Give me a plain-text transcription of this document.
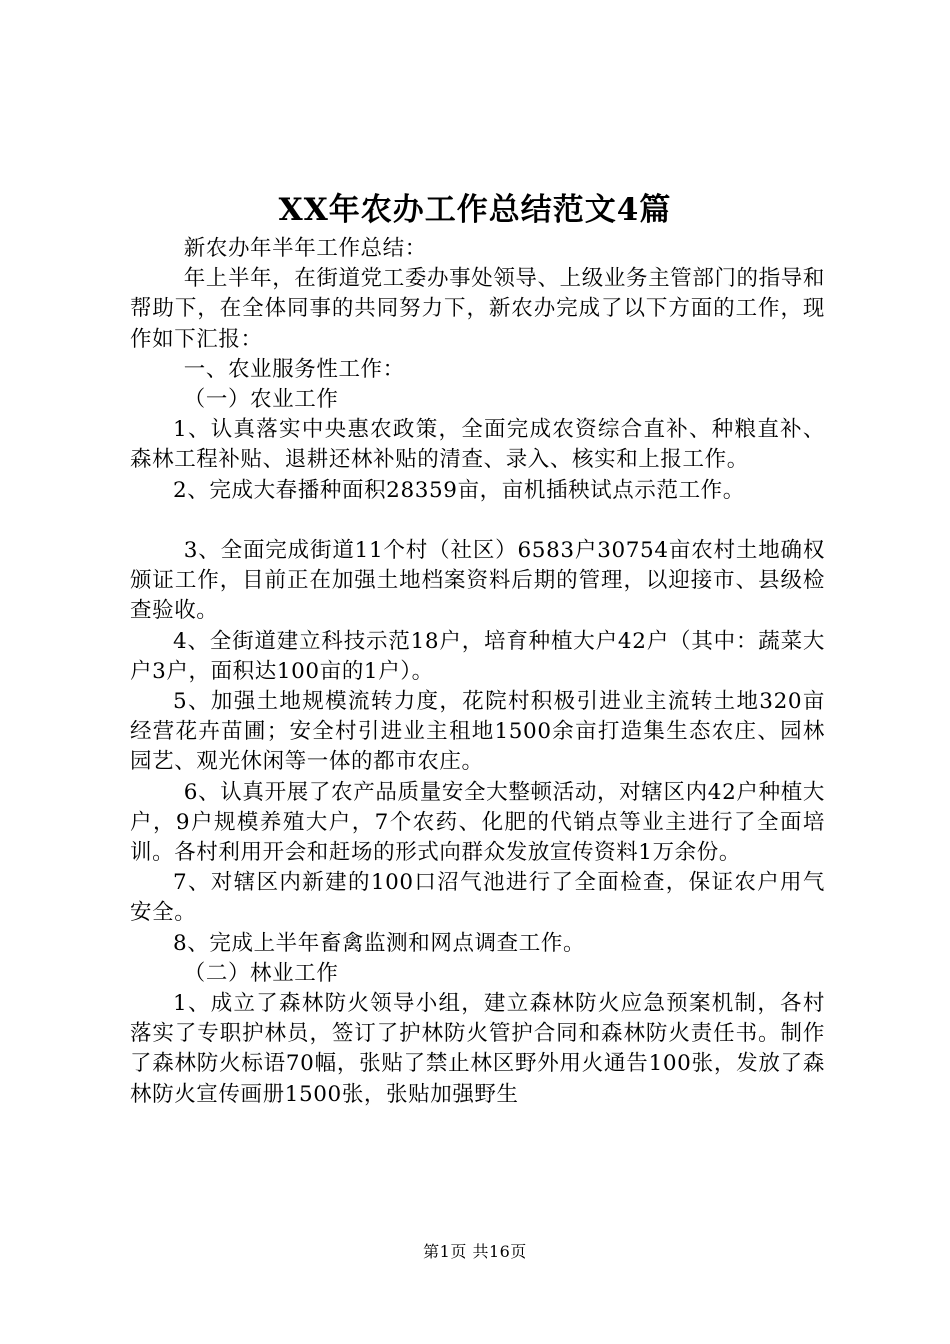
XX年农办工作总结范文4篇

新农办年半年工作总结：

年上半年，在街道党工委办事处领导、上级业务主管部门的指导和帮助下，在全体同事的共同努力下，新农办完成了以下方面的工作，现作如下汇报：

一、农业服务性工作：

（一）农业工作

1、认真落实中央惠农政策，全面完成农资综合直补、种粮直补、森林工程补贴、退耕还林补贴的清查、录入、核实和上报工作。

2、完成大春播种面积28359亩，亩机插秧试点示范工作。

3、全面完成街道11个村（社区）6583户30754亩农村土地确权颁证工作，目前正在加强土地档案资料后期的管理，以迎接市、县级检查验收。

4、全街道建立科技示范18户，培育种植大户42户（其中：蔬菜大户3户，面积达100亩的1户）。

5、加强土地规模流转力度，花院村积极引进业主流转土地320亩经营花卉苗圃；安全村引进业主租地1500余亩打造集生态农庄、园林园艺、观光休闲等一体的都市农庄。

6、认真开展了农产品质量安全大整顿活动，对辖区内42户种植大户，9户规模养殖大户，7个农药、化肥的代销点等业主进行了全面培训。各村利用开会和赶场的形式向群众发放宣传资料1万余份。

7、对辖区内新建的100口沼气池进行了全面检查，保证农户用气安全。

8、完成上半年畜禽监测和网点调查工作。

（二）林业工作

1、成立了森林防火领导小组，建立森林防火应急预案机制，各村落实了专职护林员，签订了护林防火管护合同和森林防火责任书。制作了森林防火标语70幅，张贴了禁止林区野外用火通告100张，发放了森林防火宣传画册1500张，张贴加强野生

第1页 共16页
